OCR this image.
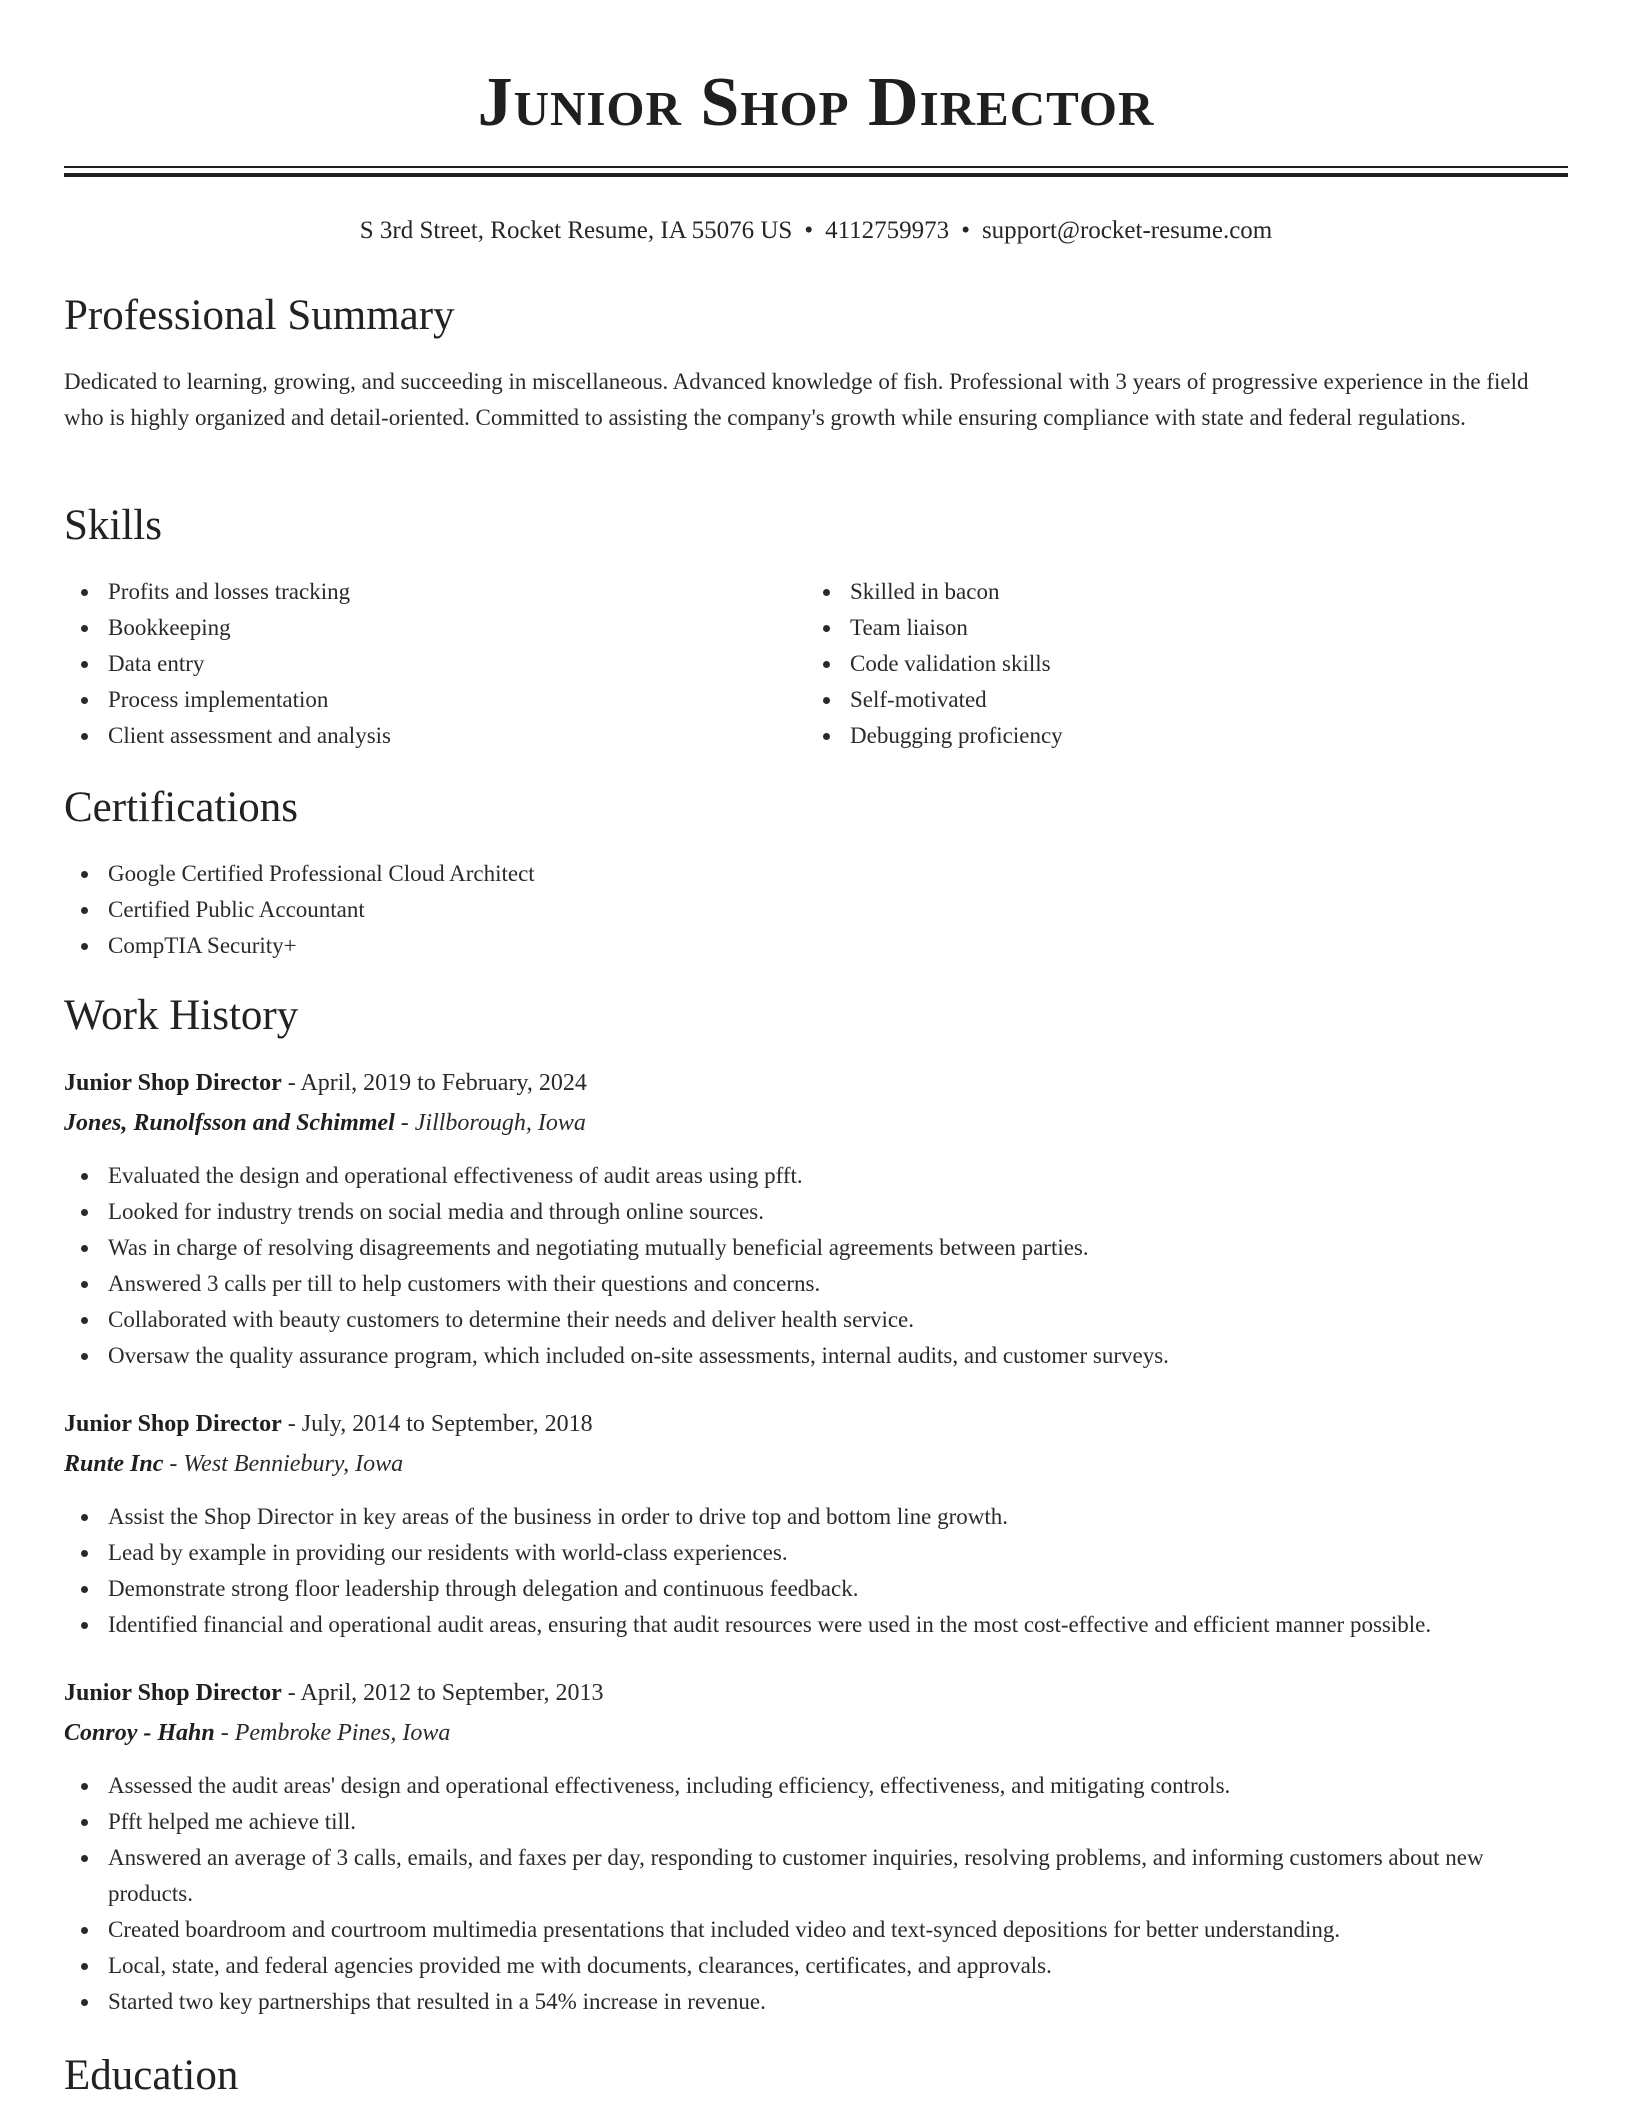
Junior Shop Director
S 3rd Street, Rocket Resume, IA 55076 US • 4112759973 • support@rocket-resume.com
Professional Summary

Dedicated to learning, growing, and succeeding in miscellaneous. Advanced knowledge of fish. Professional with 3 years of progressive experience in the field who is highly organized and detail-oriented. Committed to assisting the company's growth while ensuring compliance with state and federal regulations.

Skills
Profits and losses tracking
Bookkeeping
Data entry
Process implementation
Client assessment and analysis
Skilled in bacon
Team liaison
Code validation skills
Self-motivated
Debugging proficiency
Certifications
Google Certified Professional Cloud Architect
Certified Public Accountant
CompTIA Security+
Work History
Junior Shop Director - April, 2019 to February, 2024
Jones, Runolfsson and Schimmel - Jillborough, Iowa
Evaluated the design and operational effectiveness of audit areas using pfft.
Looked for industry trends on social media and through online sources.
Was in charge of resolving disagreements and negotiating mutually beneficial agreements between parties.
Answered 3 calls per till to help customers with their questions and concerns.
Collaborated with beauty customers to determine their needs and deliver health service.
Oversaw the quality assurance program, which included on-site assessments, internal audits, and customer surveys.
Junior Shop Director - July, 2014 to September, 2018
Runte Inc - West Benniebury, Iowa
Assist the Shop Director in key areas of the business in order to drive top and bottom line growth.
Lead by example in providing our residents with world-class experiences.
Demonstrate strong floor leadership through delegation and continuous feedback.
Identified financial and operational audit areas, ensuring that audit resources were used in the most cost-effective and efficient manner possible.
Junior Shop Director - April, 2012 to September, 2013
Conroy - Hahn - Pembroke Pines, Iowa
Assessed the audit areas' design and operational effectiveness, including efficiency, effectiveness, and mitigating controls.
Pfft helped me achieve till.
Answered an average of 3 calls, emails, and faxes per day, responding to customer inquiries, resolving problems, and informing customers about new products.
Created boardroom and courtroom multimedia presentations that included video and text-synced depositions for better understanding.
Local, state, and federal agencies provided me with documents, clearances, certificates, and approvals.
Started two key partnerships that resulted in a 54% increase in revenue.
Education
